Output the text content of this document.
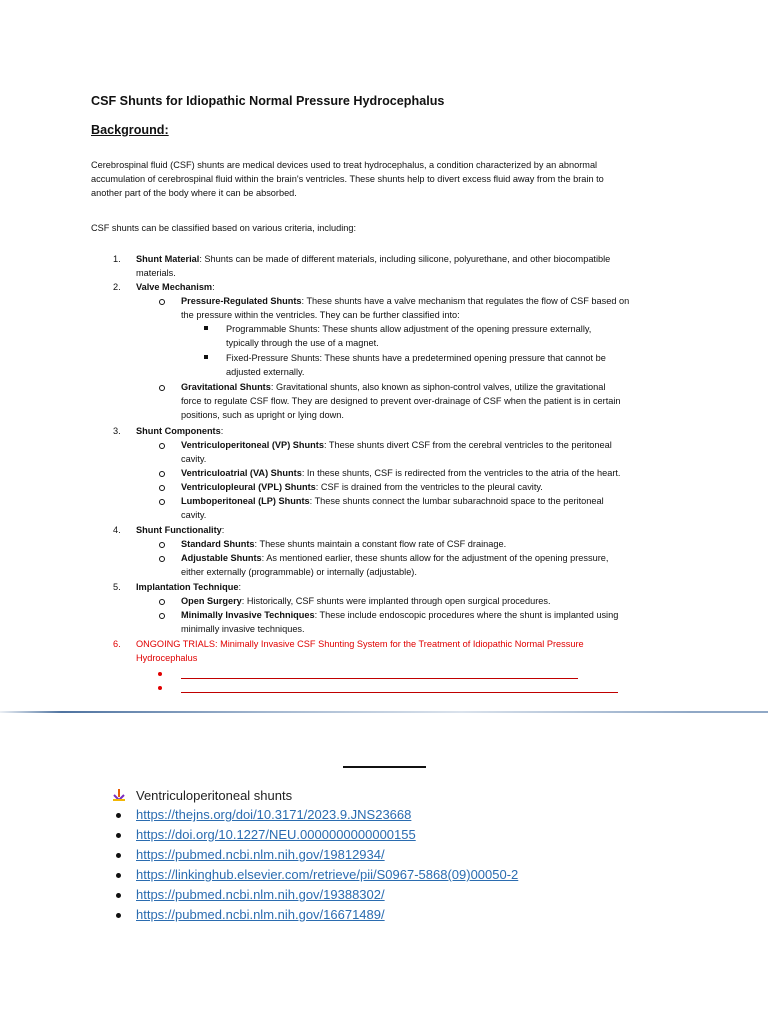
CSF Shunts for Idiopathic Normal Pressure Hydrocephalus
Background:
Cerebrospinal fluid (CSF) shunts are medical devices used to treat hydrocephalus, a condition characterized by an abnormal
accumulation of cerebrospinal fluid within the brain's ventricles. These shunts help to divert excess fluid away from the brain to
another part of the body where it can be absorbed.
CSF shunts can be classified based on various criteria, including:
1. Shunt Material: Shunts can be made of different materials, including silicone, polyurethane, and other biocompatible
materials.
2. Valve Mechanism:
Pressure-Regulated Shunts: These shunts have a valve mechanism that regulates the flow of CSF based on
the pressure within the ventricles. They can be further classified into:
Programmable Shunts: These shunts allow adjustment of the opening pressure externally,
typically through the use of a magnet.
Fixed-Pressure Shunts: These shunts have a predetermined opening pressure that cannot be
adjusted externally.
Gravitational Shunts: Gravitational shunts, also known as siphon-control valves, utilize the gravitational
force to regulate CSF flow. They are designed to prevent over-drainage of CSF when the patient is in certain
positions, such as upright or lying down.
3. Shunt Components:
Ventriculoperitoneal (VP) Shunts: These shunts divert CSF from the cerebral ventricles to the peritoneal
cavity.
Ventriculoatrial (VA) Shunts: In these shunts, CSF is redirected from the ventricles to the atria of the heart.
Ventriculopleural (VPL) Shunts: CSF is drained from the ventricles to the pleural cavity.
Lumboperitoneal (LP) Shunts: These shunts connect the lumbar subarachnoid space to the peritoneal
cavity.
4. Shunt Functionality:
Standard Shunts: These shunts maintain a constant flow rate of CSF drainage.
Adjustable Shunts: As mentioned earlier, these shunts allow for the adjustment of the opening pressure,
either externally (programmable) or internally (adjustable).
5. Implantation Technique:
Open Surgery: Historically, CSF shunts were implanted through open surgical procedures.
Minimally Invasive Techniques: These include endoscopic procedures where the shunt is implanted using
minimally invasive techniques.
6. ONGOING TRIALS: Minimally Invasive CSF Shunting System for the Treatment of Idiopathic Normal Pressure
Hydrocephalus
Ventriculoperitoneal shunts
https://thejns.org/doi/10.3171/2023.9.JNS23668
https://doi.org/10.1227/NEU.0000000000000155
https://pubmed.ncbi.nlm.nih.gov/19812934/
https://linkinghub.elsevier.com/retrieve/pii/S0967-5868(09)00050-2
https://pubmed.ncbi.nlm.nih.gov/19388302/
https://pubmed.ncbi.nlm.nih.gov/16671489/
